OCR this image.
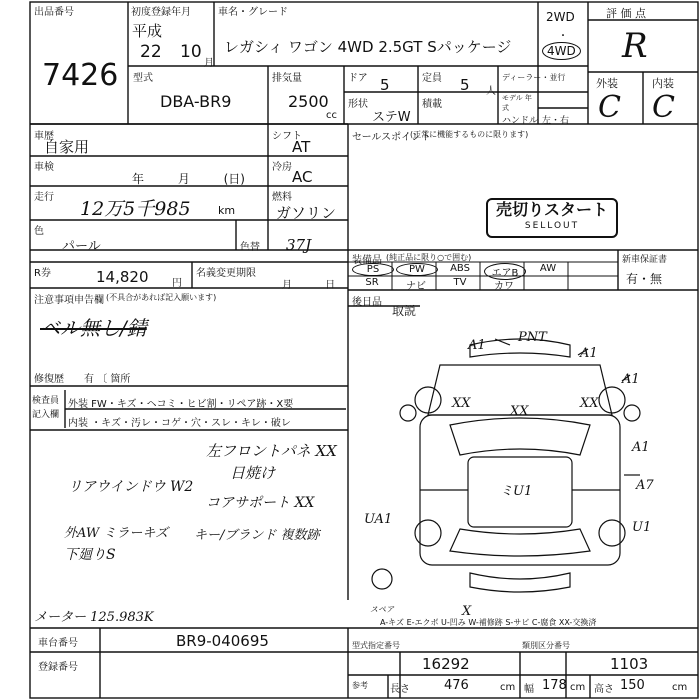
出品番号
7426
初度登録年月
平成
22 10
月
車名・グレード
レガシィ ワゴン 4WD 2.5GT Sパッケージ
2WD
・
4WD
評 価 点
R
型式
DBA-BR9
排気量
2500
cc
ドア 5	定員 5 人
形状
ステW
積載
ディーラー・並行
モデル 年式
ハンドル 左・右
外装	内装
C C
車歴
自家用
シフト
AT
車検
年 月 (日)
冷房
AC
走行
12万5千985 km
燃料
ガソリン
色
パール	色替 37J
R券	14,820 円
名義変更期限
月 日
注意事項申告欄 (不具合があれば記入願います)
ベル無し/錆
修復歴 有 〔 箇所
検査員 記入欄
外装 FW・キズ・ヘコミ・ヒビ割・リペア跡・X要
内装 ・キズ・汚レ・コゲ・穴・スレ・キレ・破レ
左フロントパネ XX
日焼け
リアウインドウ W2
コアサポート XX
外AW ミラーキズ キー/ブランド 複数跡
下廻りS
メーター 125.983K
セールスポイント
(正常に機能するものに限ります)
売切りスタート
SELLOUT
装備品 (純正品に限り○で囲む)	新車保証書
有・無
PS	PW	ABS	エアB	AW
SR	ナビ	TV	カワ
後日品
取説
A1
PNT
A1
A1
XX
XX
XX
A1
A7
ミU1
UA1
U1
スペア	X
A-キズ E-エクボ U-凹み W-補修跡 S-サビ C-腐食 XX-交換済
車台番号	BR9-040695
登録番号
型式指定番号
16292
類別区分番号
1103
参考 長さ	476	cm 幅 178 cm 高さ 150	cm
